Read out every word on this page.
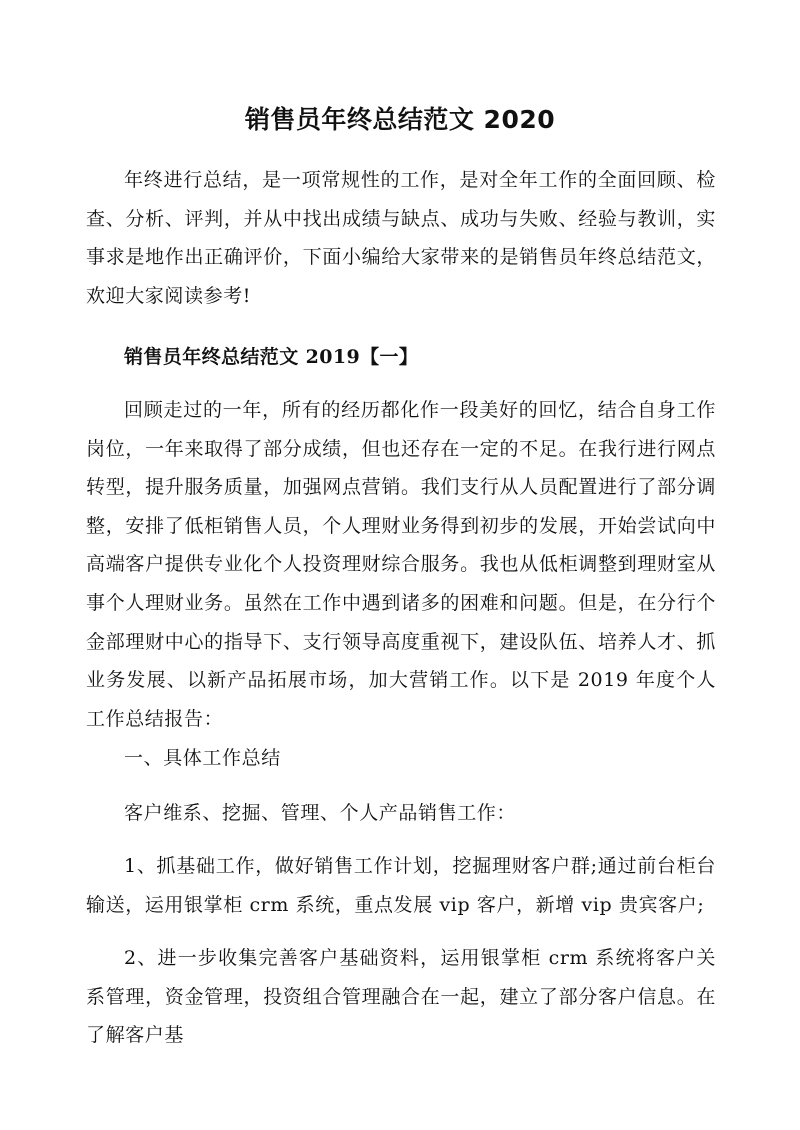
销售员年终总结范文 2020

年终进行总结，是一项常规性的工作，是对全年工作的全面回顾、检查、分析、评判，并从中找出成绩与缺点、成功与失败、经验与教训，实事求是地作出正确评价，下面小编给大家带来的是销售员年终总结范文，欢迎大家阅读参考!

销售员年终总结范文 2019【一】

回顾走过的一年，所有的经历都化作一段美好的回忆，结合自身工作岗位，一年来取得了部分成绩，但也还存在一定的不足。在我行进行网点转型，提升服务质量，加强网点营销。我们支行从人员配置进行了部分调整，安排了低柜销售人员，个人理财业务得到初步的发展，开始尝试向中高端客户提供专业化个人投资理财综合服务。我也从低柜调整到理财室从事个人理财业务。虽然在工作中遇到诸多的困难和问题。但是，在分行个金部理财中心的指导下、支行领导高度重视下，建设队伍、培养人才、抓业务发展、以新产品拓展市场，加大营销工作。以下是 2019 年度个人工作总结报告：

一、具体工作总结

客户维系、挖掘、管理、个人产品销售工作：

1、抓基础工作，做好销售工作计划，挖掘理财客户群;通过前台柜台输送，运用银掌柜 crm 系统，重点发展 vip 客户，新增 vip 贵宾客户;

2、进一步收集完善客户基础资料，运用银掌柜 crm 系统将客户关系管理，资金管理，投资组合管理融合在一起，建立了部分客户信息。在了解客户基
